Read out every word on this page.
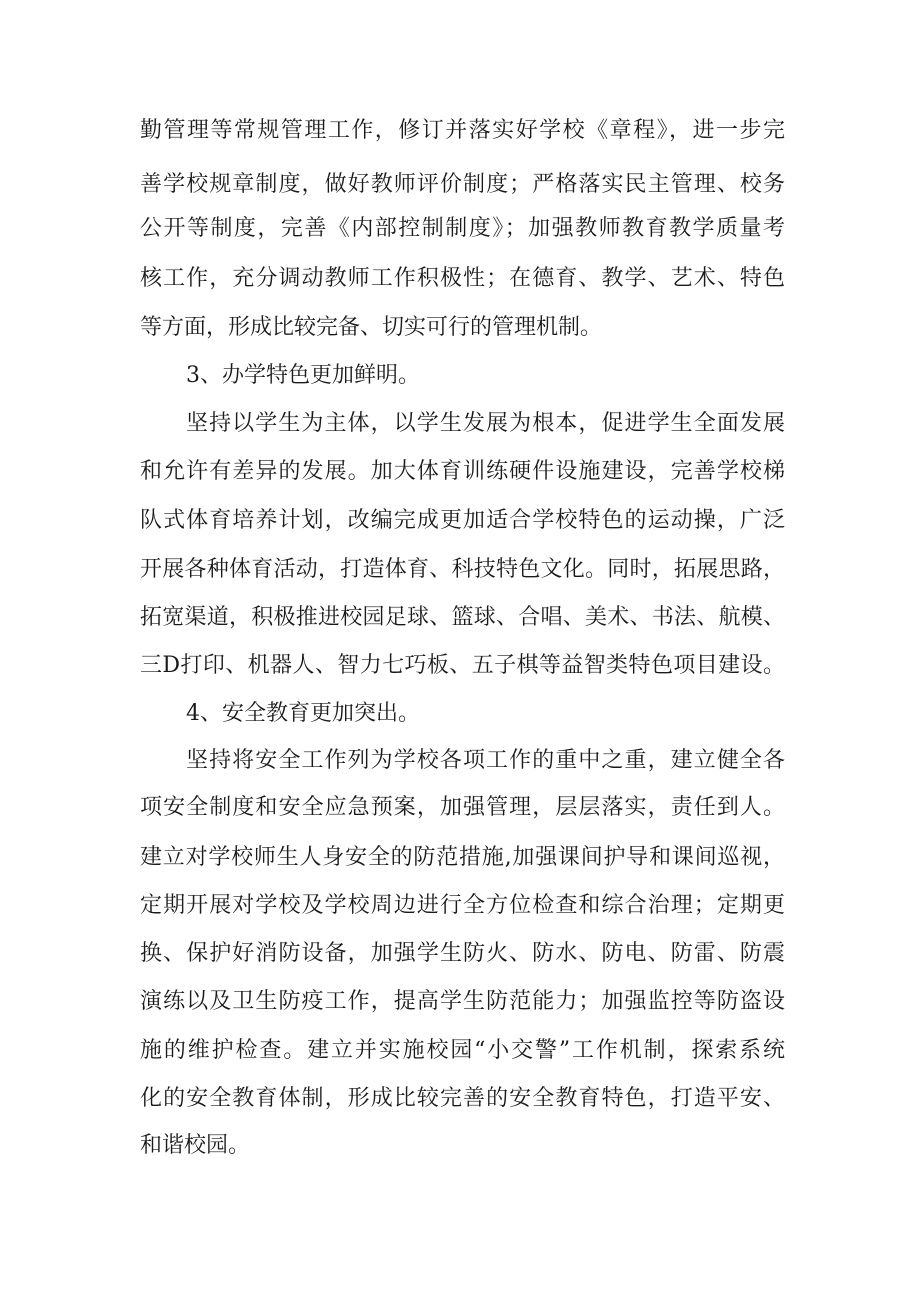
勤管理等常规管理工作，修订并落实好学校《章程》，进一步完
善学校规章制度，做好教师评价制度；严格落实民主管理、校务
公开等制度，完善《内部控制制度》；加强教师教育教学质量考
核工作，充分调动教师工作积极性；在德育、教学、艺术、特色
等方面，形成比较完备、切实可行的管理机制。
3、办学特色更加鲜明。
坚持以学生为主体，以学生发展为根本，促进学生全面发展
和允许有差异的发展。加大体育训练硬件设施建设，完善学校梯
队式体育培养计划，改编完成更加适合学校特色的运动操，广泛
开展各种体育活动，打造体育、科技特色文化。同时，拓展思路，
拓宽渠道，积极推进校园足球、篮球、合唱、美术、书法、航模、
三D打印、机器人、智力七巧板、五子棋等益智类特色项目建设。
4、安全教育更加突出。
坚持将安全工作列为学校各项工作的重中之重，建立健全各
项安全制度和安全应急预案，加强管理，层层落实，责任到人。
建立对学校师生人身安全的防范措施,加强课间护导和课间巡视，
定期开展对学校及学校周边进行全方位检查和综合治理；定期更
换、保护好消防设备，加强学生防火、防水、防电、防雷、防震
演练以及卫生防疫工作，提高学生防范能力；加强监控等防盗设
施的维护检查。建立并实施校园“小交警”工作机制，探索系统
化的安全教育体制，形成比较完善的安全教育特色，打造平安、
和谐校园。
